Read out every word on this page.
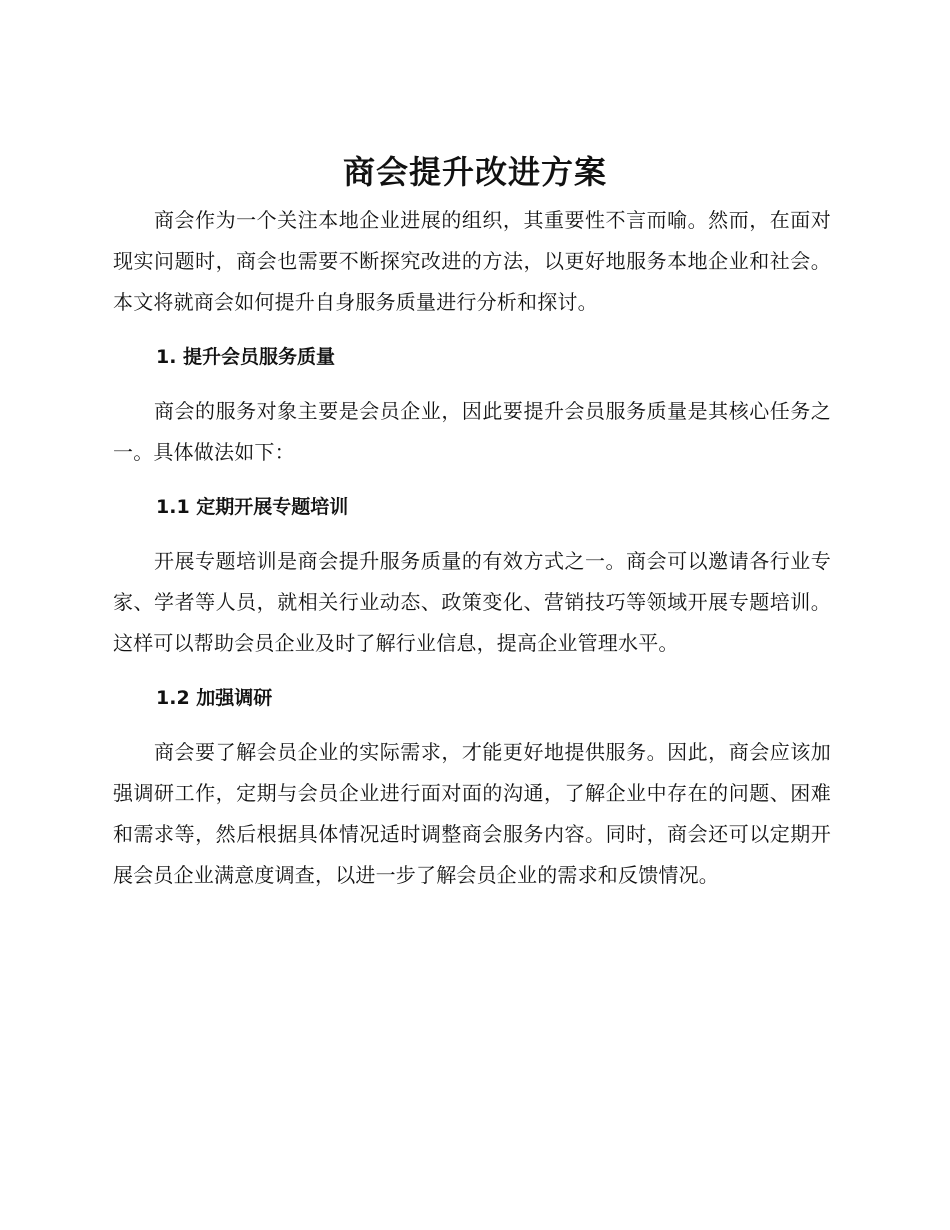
商会提升改进方案

商会作为一个关注本地企业进展的组织，其重要性不言而喻。然而，在面对现实问题时，商会也需要不断探究改进的方法，以更好地服务本地企业和社会。本文将就商会如何提升自身服务质量进行分析和探讨。

1. 提升会员服务质量

商会的服务对象主要是会员企业，因此要提升会员服务质量是其核心任务之一。具体做法如下：

1.1 定期开展专题培训

开展专题培训是商会提升服务质量的有效方式之一。商会可以邀请各行业专家、学者等人员，就相关行业动态、政策变化、营销技巧等领域开展专题培训。这样可以帮助会员企业及时了解行业信息，提高企业管理水平。

1.2 加强调研

商会要了解会员企业的实际需求，才能更好地提供服务。因此，商会应该加强调研工作，定期与会员企业进行面对面的沟通，了解企业中存在的问题、困难和需求等，然后根据具体情况适时调整商会服务内容。同时，商会还可以定期开展会员企业满意度调查，以进一步了解会员企业的需求和反馈情况。
